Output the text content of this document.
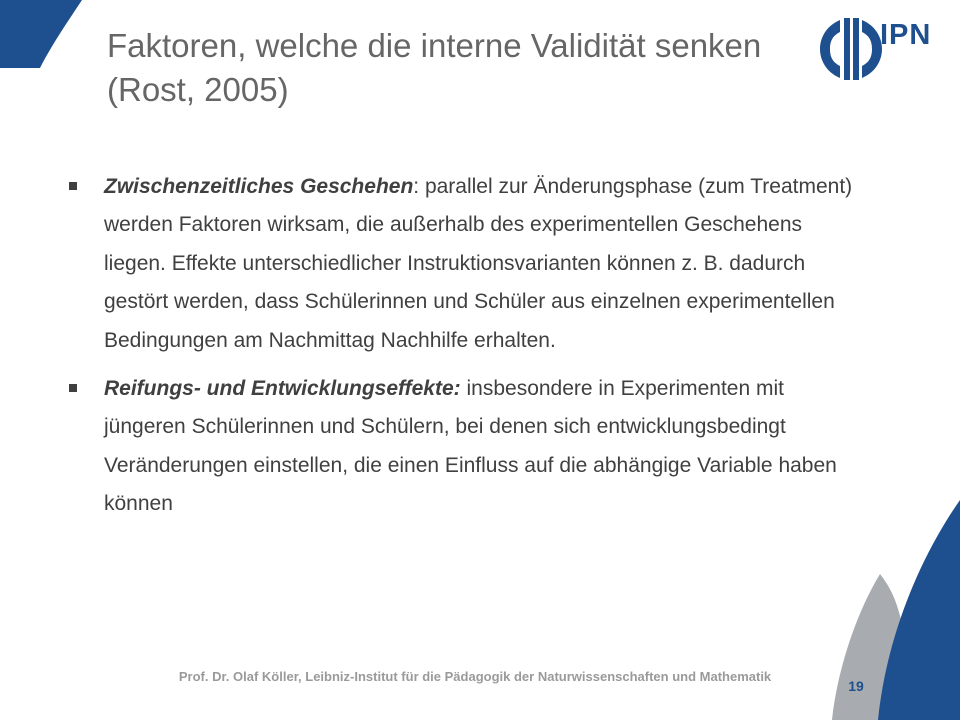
Faktoren, welche die interne Validität senken (Rost, 2005)
IPN
Zwischenzeitliches Geschehen: parallel zur Änderungsphase (zum Treatment) werden Faktoren wirksam, die außerhalb des experimentellen Geschehens liegen. Effekte unterschiedlicher Instruktionsvarianten können z. B. dadurch gestört werden, dass Schülerinnen und Schüler aus einzelnen experimentellen Bedingungen am Nachmittag Nachhilfe erhalten.
Reifungs- und Entwicklungseffekte: insbesondere in Experimenten mit jüngeren Schülerinnen und Schülern, bei denen sich entwicklungsbedingt Veränderungen einstellen, die einen Einfluss auf die abhängige Variable haben können
Prof. Dr. Olaf Köller, Leibniz-Institut für die Pädagogik der Naturwissenschaften und Mathematik
19
